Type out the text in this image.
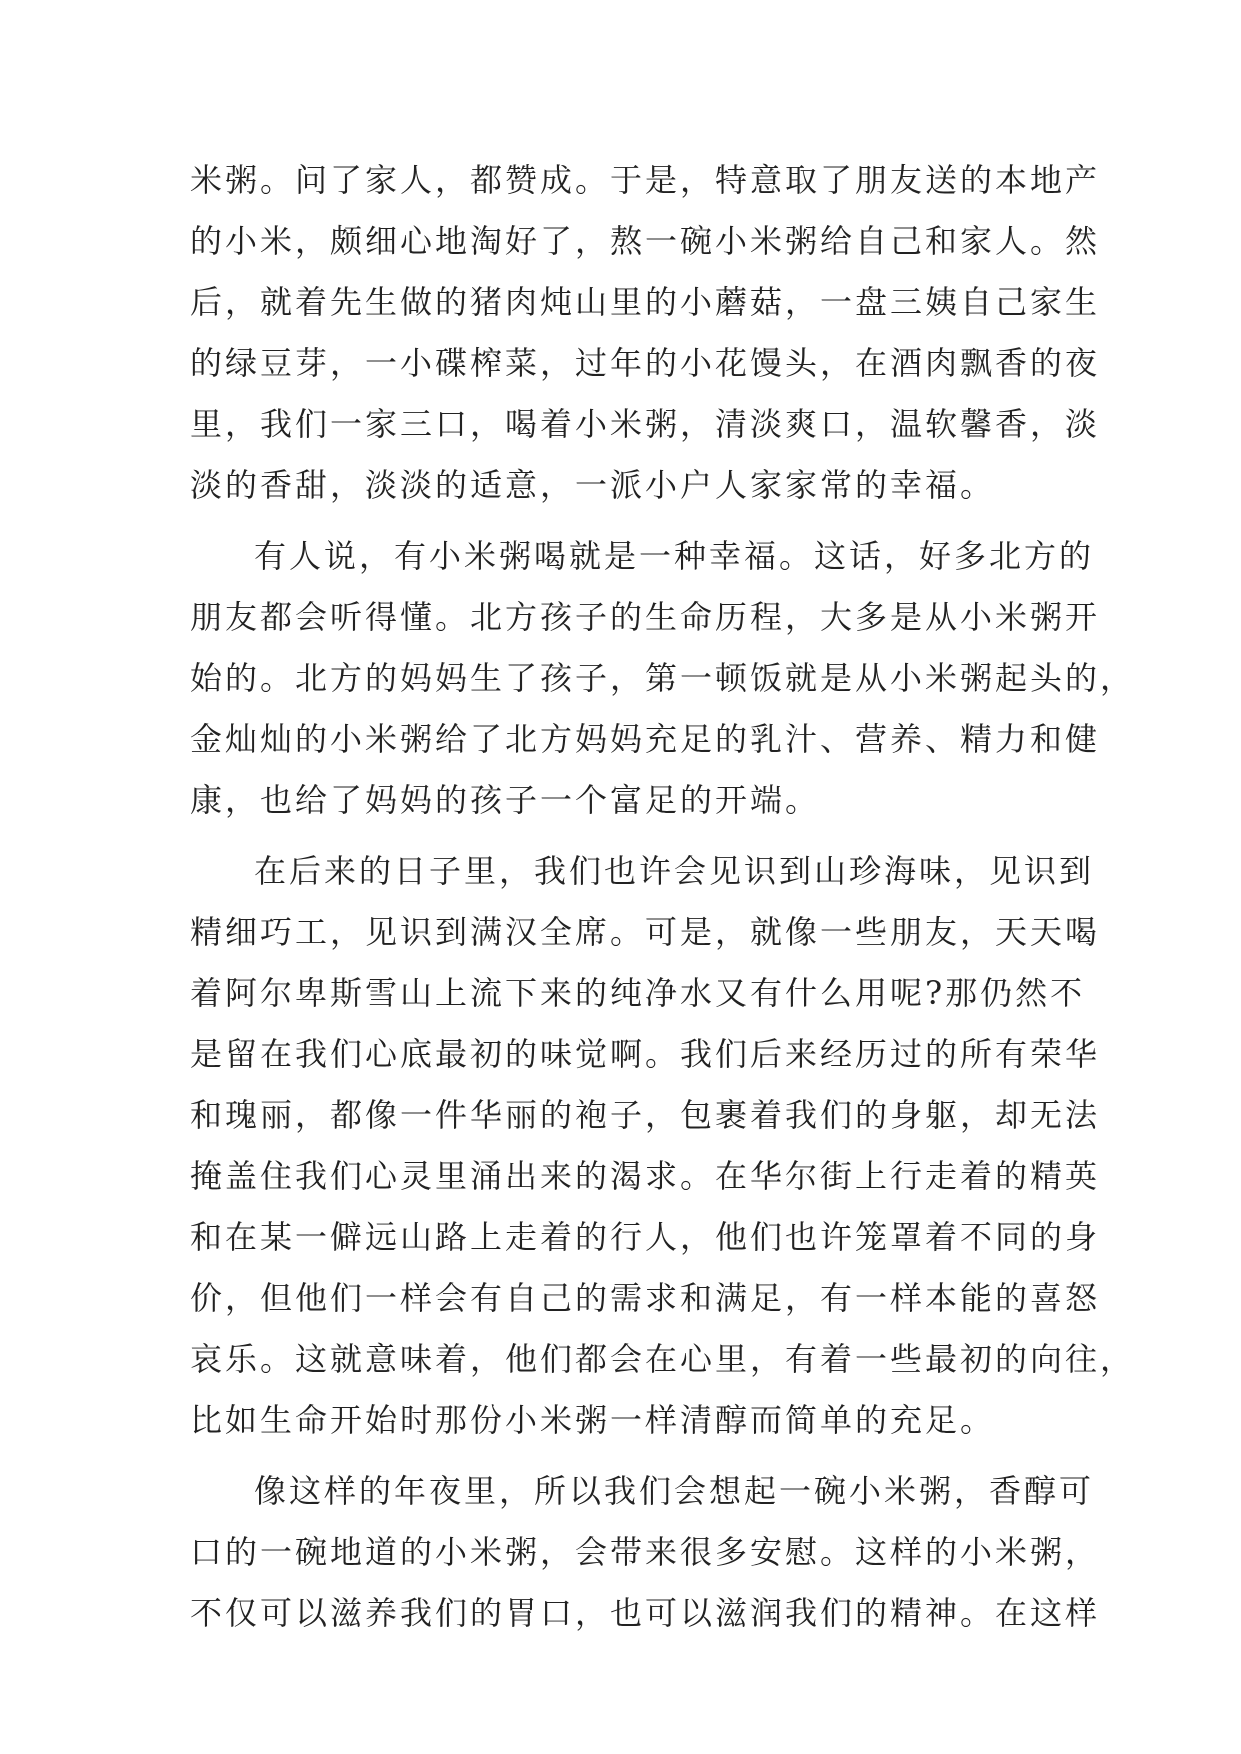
米粥。问了家人，都赞成。于是，特意取了朋友送的本地产
的小米，颇细心地淘好了，熬一碗小米粥给自己和家人。然
后，就着先生做的猪肉炖山里的小蘑菇，一盘三姨自己家生
的绿豆芽，一小碟榨菜，过年的小花馒头，在酒肉飘香的夜
里，我们一家三口，喝着小米粥，清淡爽口，温软馨香，淡
淡的香甜，淡淡的适意，一派小户人家家常的幸福。
有人说，有小米粥喝就是一种幸福。这话，好多北方的
朋友都会听得懂。北方孩子的生命历程，大多是从小米粥开
始的。北方的妈妈生了孩子，第一顿饭就是从小米粥起头的，
金灿灿的小米粥给了北方妈妈充足的乳汁、营养、精力和健
康，也给了妈妈的孩子一个富足的开端。
在后来的日子里，我们也许会见识到山珍海味，见识到
精细巧工，见识到满汉全席。可是，就像一些朋友，天天喝
着阿尔卑斯雪山上流下来的纯净水又有什么用呢?那仍然不
是留在我们心底最初的味觉啊。我们后来经历过的所有荣华
和瑰丽，都像一件华丽的袍子，包裹着我们的身躯，却无法
掩盖住我们心灵里涌出来的渴求。在华尔街上行走着的精英
和在某一僻远山路上走着的行人，他们也许笼罩着不同的身
价，但他们一样会有自己的需求和满足，有一样本能的喜怒
哀乐。这就意味着，他们都会在心里，有着一些最初的向往，
比如生命开始时那份小米粥一样清醇而简单的充足。
像这样的年夜里，所以我们会想起一碗小米粥，香醇可
口的一碗地道的小米粥，会带来很多安慰。这样的小米粥，
不仅可以滋养我们的胃口，也可以滋润我们的精神。在这样
